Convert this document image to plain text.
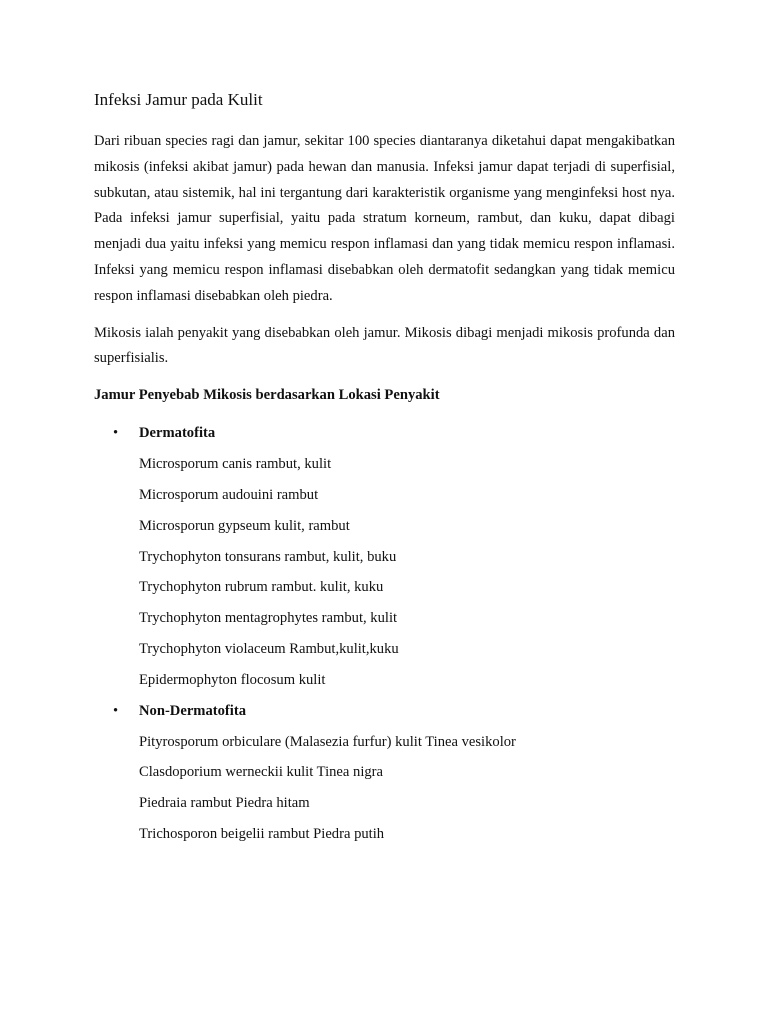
Infeksi Jamur pada Kulit

Dari ribuan species ragi dan jamur, sekitar 100 species diantaranya diketahui dapat mengakibatkan mikosis (infeksi akibat jamur) pada hewan dan manusia. Infeksi jamur dapat terjadi di superfisial, subkutan, atau sistemik, hal ini tergantung dari karakteristik organisme yang menginfeksi host nya. Pada infeksi jamur superfisial, yaitu pada stratum korneum, rambut, dan kuku, dapat dibagi menjadi dua yaitu infeksi yang memicu respon inflamasi dan yang tidak memicu respon inflamasi. Infeksi yang memicu respon inflamasi disebabkan oleh dermatofit sedangkan yang tidak memicu respon inflamasi disebabkan oleh piedra.

Mikosis ialah penyakit yang disebabkan oleh jamur. Mikosis dibagi menjadi mikosis profunda dan superfisialis.

Jamur Penyebab Mikosis berdasarkan Lokasi Penyakit
• Dermatofita
Microsporum canis rambut, kulit
Microsporum audouini rambut
Microsporun gypseum kulit, rambut
Trychophyton tonsurans rambut, kulit, buku
Trychophyton rubrum rambut. kulit, kuku
Trychophyton mentagrophytes rambut, kulit
Trychophyton violaceum Rambut,kulit,kuku
Epidermophyton flocosum kulit
• Non-Dermatofita
Pityrosporum orbiculare (Malasezia furfur) kulit Tinea vesikolor
Clasdoporium werneckii kulit Tinea nigra
Piedraia rambut Piedra hitam
Trichosporon beigelii rambut Piedra putih
